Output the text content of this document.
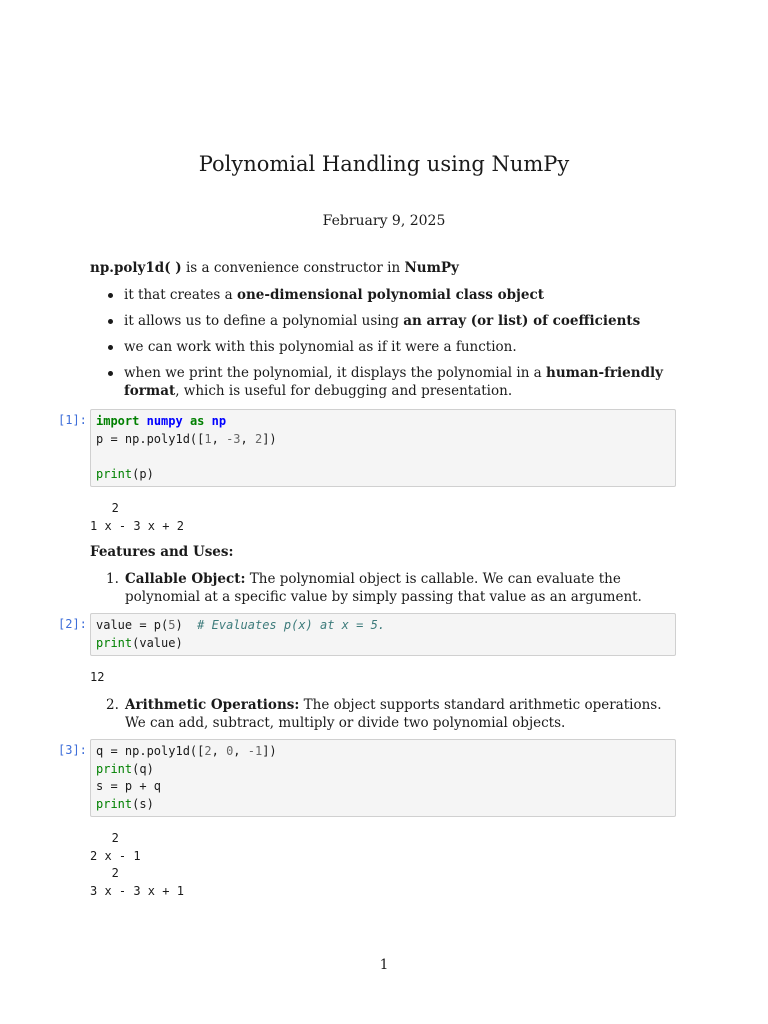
Polynomial Handling using NumPy
February 9, 2025
np.poly1d( ) is a convenience constructor in NumPy
it that creates a one-dimensional polynomial class object
it allows us to define a polynomial using an array (or list) of coefficients
we can work with this polynomial as if it were a function.
when we print the polynomial, it displays the polynomial in a human-friendly format, which is useful for debugging and presentation.
[1]: import numpy as np
p = np.poly1d([1, -3, 2])
print(p)
2
1 x - 3 x + 2
Features and Uses:
1. Callable Object: The polynomial object is callable. We can evaluate the polynomial at a specific value by simply passing that value as an argument.
[2]: value = p(5)  # Evaluates p(x) at x = 5.
print(value)
12
2. Arithmetic Operations: The object supports standard arithmetic operations. We can add, subtract, multiply or divide two polynomial objects.
[3]: q = np.poly1d([2, 0, -1])
print(q)
s = p + q
print(s)
2
2 x - 1
2
3 x - 3 x + 1
1
